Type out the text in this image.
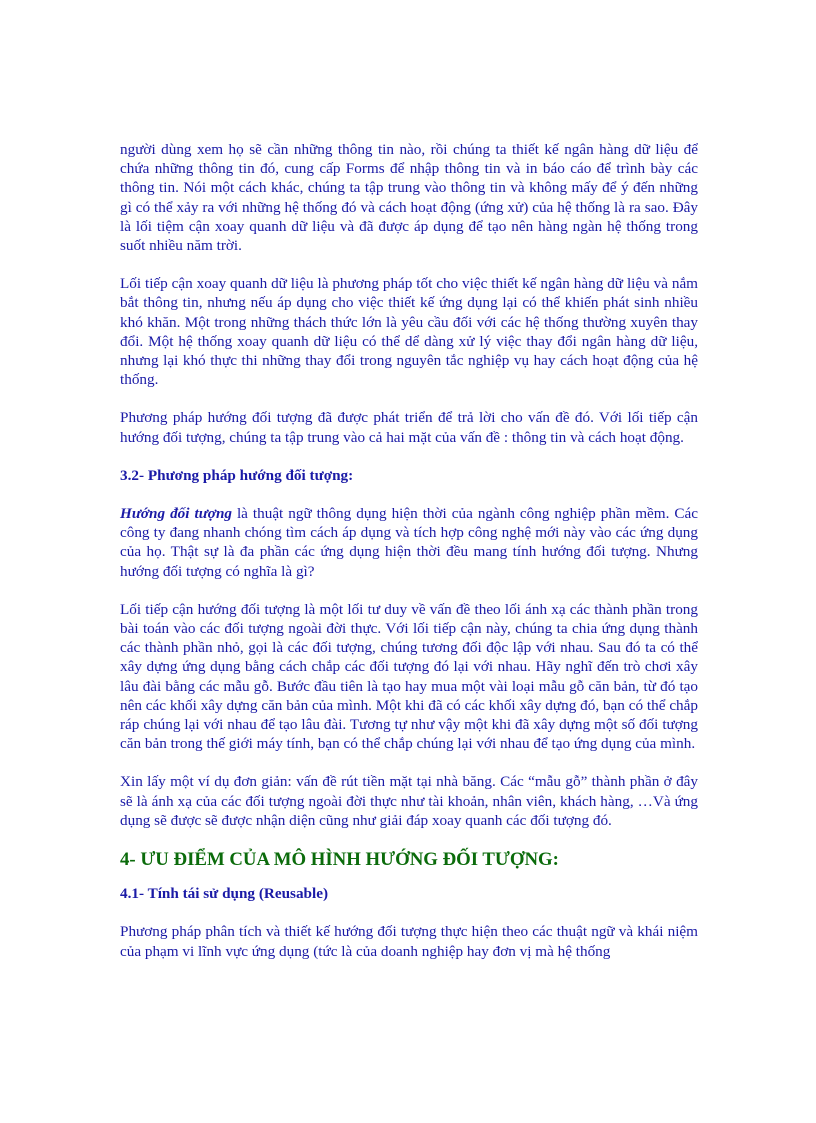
người dùng xem họ sẽ cần những thông tin nào, rồi chúng ta thiết kế ngân hàng dữ liệu để chứa những thông tin đó, cung cấp Forms để nhập thông tin và in báo cáo để trình bày các thông tin. Nói một cách khác, chúng ta tập trung vào thông tin và không mấy để ý đến những gì có thể xảy ra với những hệ thống đó và cách hoạt động (ứng xử) của hệ thống là ra sao. Đây là lối tiệm cận xoay quanh dữ liệu và đã được áp dụng để tạo nên hàng ngàn hệ thống trong suốt nhiều năm trời.

Lối tiếp cận xoay quanh dữ liệu là phương pháp tốt cho việc thiết kế ngân hàng dữ liệu và nắm bắt thông tin, nhưng nếu áp dụng cho việc thiết kế ứng dụng lại có thể khiến phát sinh nhiều khó khăn. Một trong những thách thức lớn là yêu cầu đối với các hệ thống thường xuyên thay đổi. Một hệ thống xoay quanh dữ liệu có thể dể dàng xử lý việc thay đổi ngân hàng dữ liệu, nhưng lại khó thực thi những thay đổi trong nguyên tắc nghiệp vụ hay cách hoạt động của hệ thống.

Phương pháp hướng đối tượng đã được phát triển để trả lời cho vấn đề đó. Với lối tiếp cận hướng đối tượng, chúng ta tập trung vào cả hai mặt của vấn đề : thông tin và cách hoạt động.

3.2- Phương pháp hướng đối tượng:

Hướng đối tượng là thuật ngữ thông dụng hiện thời của ngành công nghiệp phần mềm. Các công ty đang nhanh chóng tìm cách áp dụng và tích hợp công nghệ mới này vào các ứng dụng của họ. Thật sự là đa phần các ứng dụng hiện thời đều mang tính hướng đối tượng. Nhưng hướng đối tượng có nghĩa là gì?

Lối tiếp cận hướng đối tượng là một lối tư duy về vấn đề theo lối ánh xạ các thành phần trong bài toán vào các đối tượng ngoài đời thực. Với lối tiếp cận này, chúng ta chia ứng dụng thành các thành phần nhỏ, gọi là các đối tượng, chúng tương đối độc lập với nhau. Sau đó ta có thể xây dựng ứng dụng bằng cách chắp các đối tượng đó lại với nhau. Hãy nghĩ đến trò chơi xây lâu đài bằng các mẫu gỗ. Bước đầu tiên là tạo hay mua một vài loại mẫu gỗ căn bản, từ đó tạo nên các khối xây dựng căn bản của mình. Một khi đã có các khối xây dựng đó, bạn có thể chắp ráp chúng lại với nhau để tạo lâu đài. Tương tự như vậy một khi đã xây dựng một số đối tượng căn bản trong thế giới máy tính, bạn có thể chắp chúng lại với nhau để tạo ứng dụng của mình.

Xin lấy một ví dụ đơn giản: vấn đề rút tiền mặt tại nhà băng. Các “mẫu gỗ” thành phần ở đây sẽ là ánh xạ của các đối tượng ngoài đời thực như tài khoản, nhân viên, khách hàng, …Và ứng dụng sẽ được sẽ được nhận diện cũng như giải đáp xoay quanh các đối tượng đó.

4- ƯU ĐIỂM CỦA MÔ HÌNH HƯỚNG ĐỐI TƯỢNG:

4.1- Tính tái sử dụng (Reusable)

Phương pháp phân tích và thiết kế hướng đối tượng thực hiện theo các thuật ngữ và khái niệm của phạm vi lĩnh vực ứng dụng (tức là của doanh nghiệp hay đơn vị mà hệ thống
